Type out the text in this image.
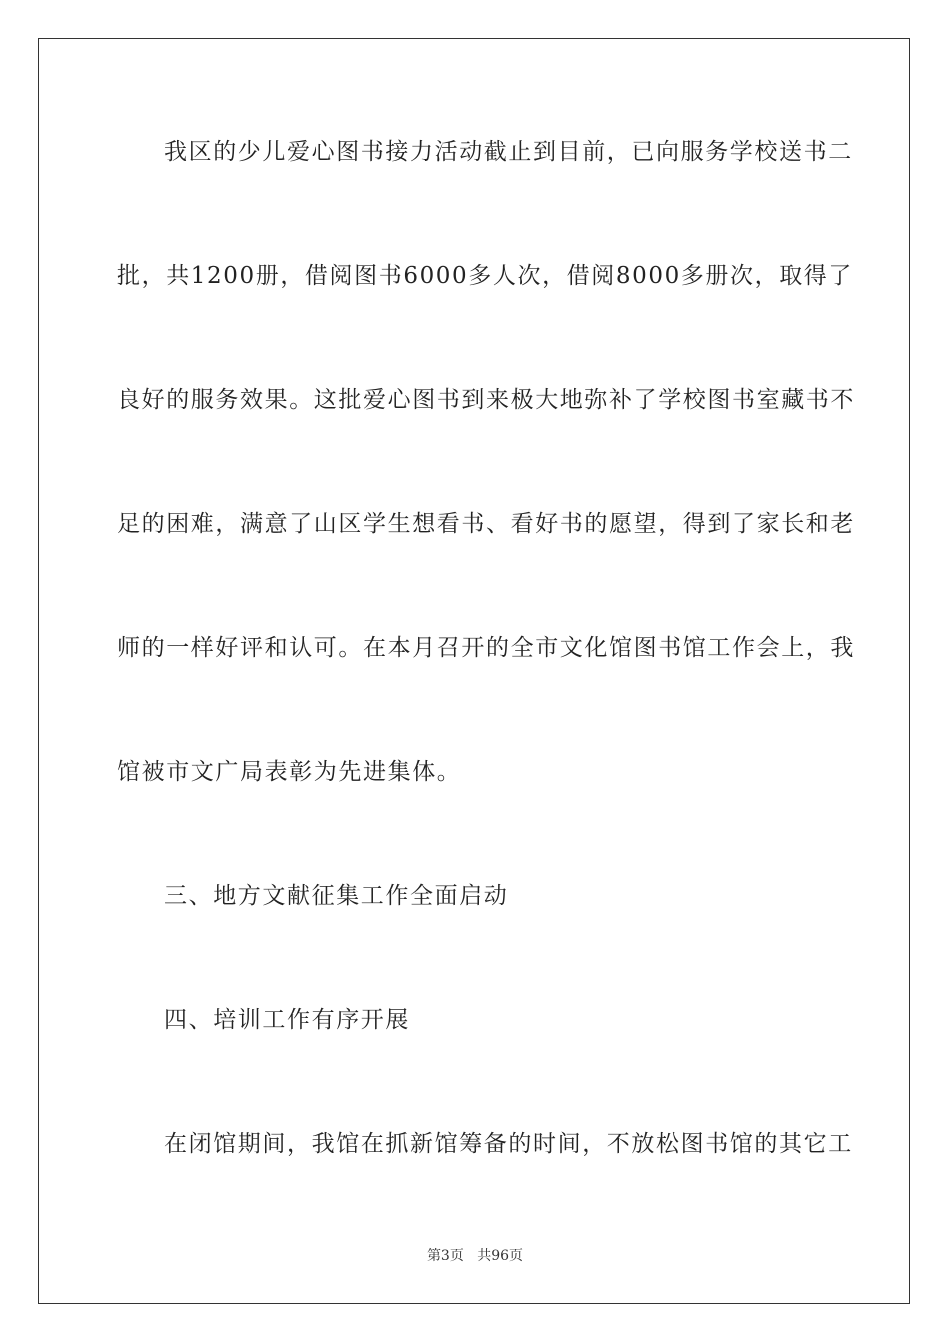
我区的少儿爱心图书接力活动截止到目前，已向服务学校送书二
批，共1200册，借阅图书6000多人次，借阅8000多册次，取得了
良好的服务效果。这批爱心图书到来极大地弥补了学校图书室藏书不
足的困难，满意了山区学生想看书、看好书的愿望，得到了家长和老
师的一样好评和认可。在本月召开的全市文化馆图书馆工作会上，我
馆被市文广局表彰为先进集体。
三、地方文献征集工作全面启动
四、培训工作有序开展
在闭馆期间，我馆在抓新馆筹备的时间，不放松图书馆的其它工
第3页 共96页
